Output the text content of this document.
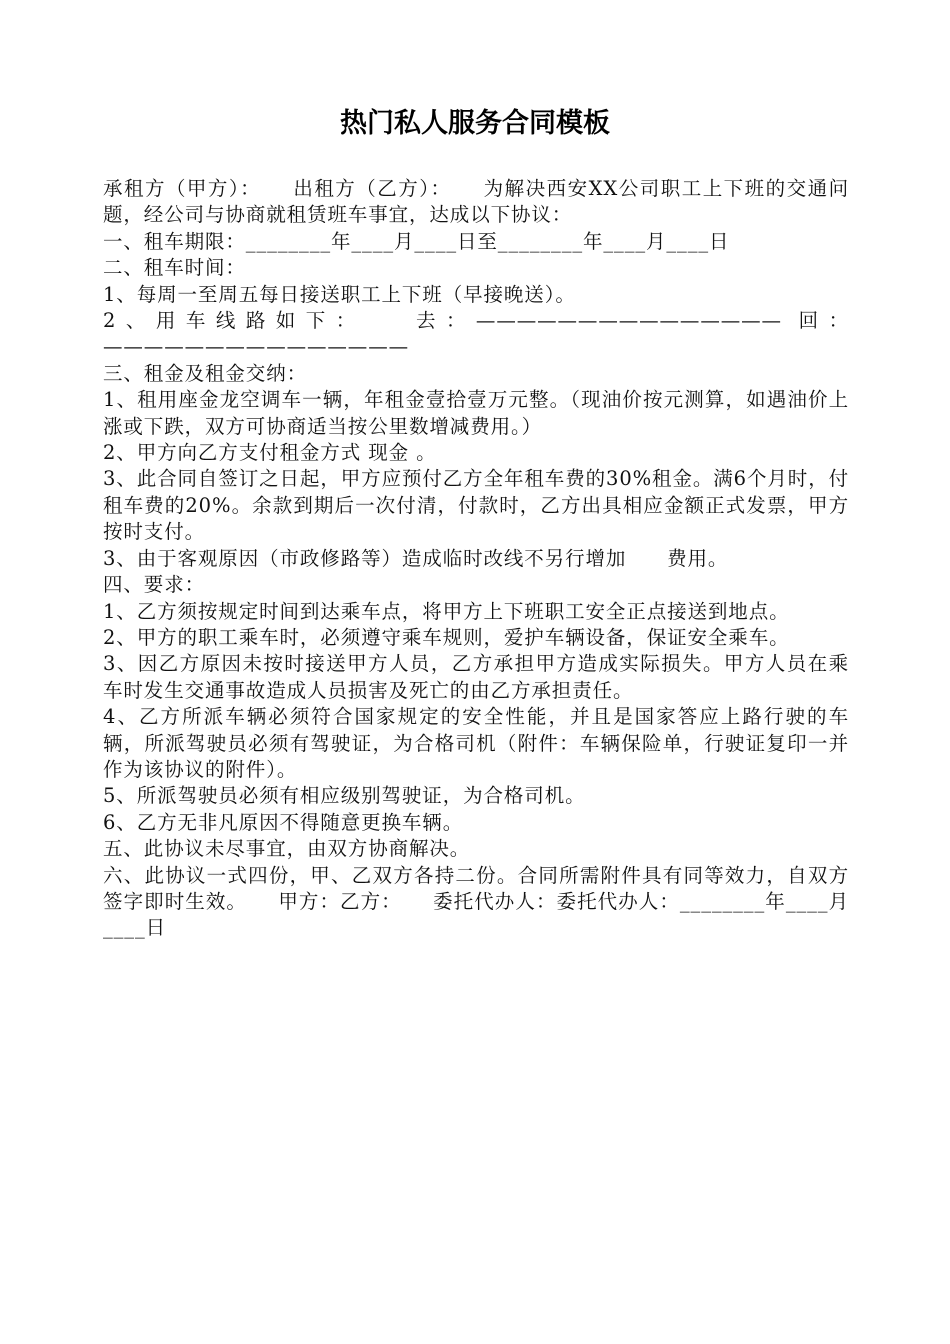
热门私人服务合同模板

承租方（甲方）：　　出租方（乙方）：　　为解决西安XX公司职工上下班的交通问题，经公司与协商就租赁班车事宜，达成以下协议：

一、租车期限：________年____月____日至________年____月____日

二、租车时间：

1、每周一至周五每日接送职工上下班（早接晚送）。

2、用车线路如下：　　去：——————————————— 回：———————————————

三、租金及租金交纳：

1、租用座金龙空调车一辆，年租金壹拾壹万元整。（现油价按元测算，如遇油价上涨或下跌，双方可协商适当按公里数增减费用。）

2、甲方向乙方支付租金方式 现金 。

3、此合同自签订之日起，甲方应预付乙方全年租车费的30%租金。满6个月时，付租车费的20%。余款到期后一次付清，付款时，乙方出具相应金额正式发票，甲方按时支付。

3、由于客观原因（市政修路等）造成临时改线不另行增加　　费用。

四、要求：

1、乙方须按规定时间到达乘车点，将甲方上下班职工安全正点接送到地点。

2、甲方的职工乘车时，必须遵守乘车规则，爱护车辆设备，保证安全乘车。

3、因乙方原因未按时接送甲方人员，乙方承担甲方造成实际损失。甲方人员在乘车时发生交通事故造成人员损害及死亡的由乙方承担责任。

4、乙方所派车辆必须符合国家规定的安全性能，并且是国家答应上路行驶的车辆，所派驾驶员必须有驾驶证，为合格司机（附件：车辆保险单，行驶证复印一并作为该协议的附件）。

5、所派驾驶员必须有相应级别驾驶证，为合格司机。

6、乙方无非凡原因不得随意更换车辆。

五、此协议未尽事宜，由双方协商解决。

六、此协议一式四份，甲、乙双方各持二份。合同所需附件具有同等效力，自双方签字即时生效。　　甲方：乙方：　　委托代办人：委托代办人：________年____月____日
